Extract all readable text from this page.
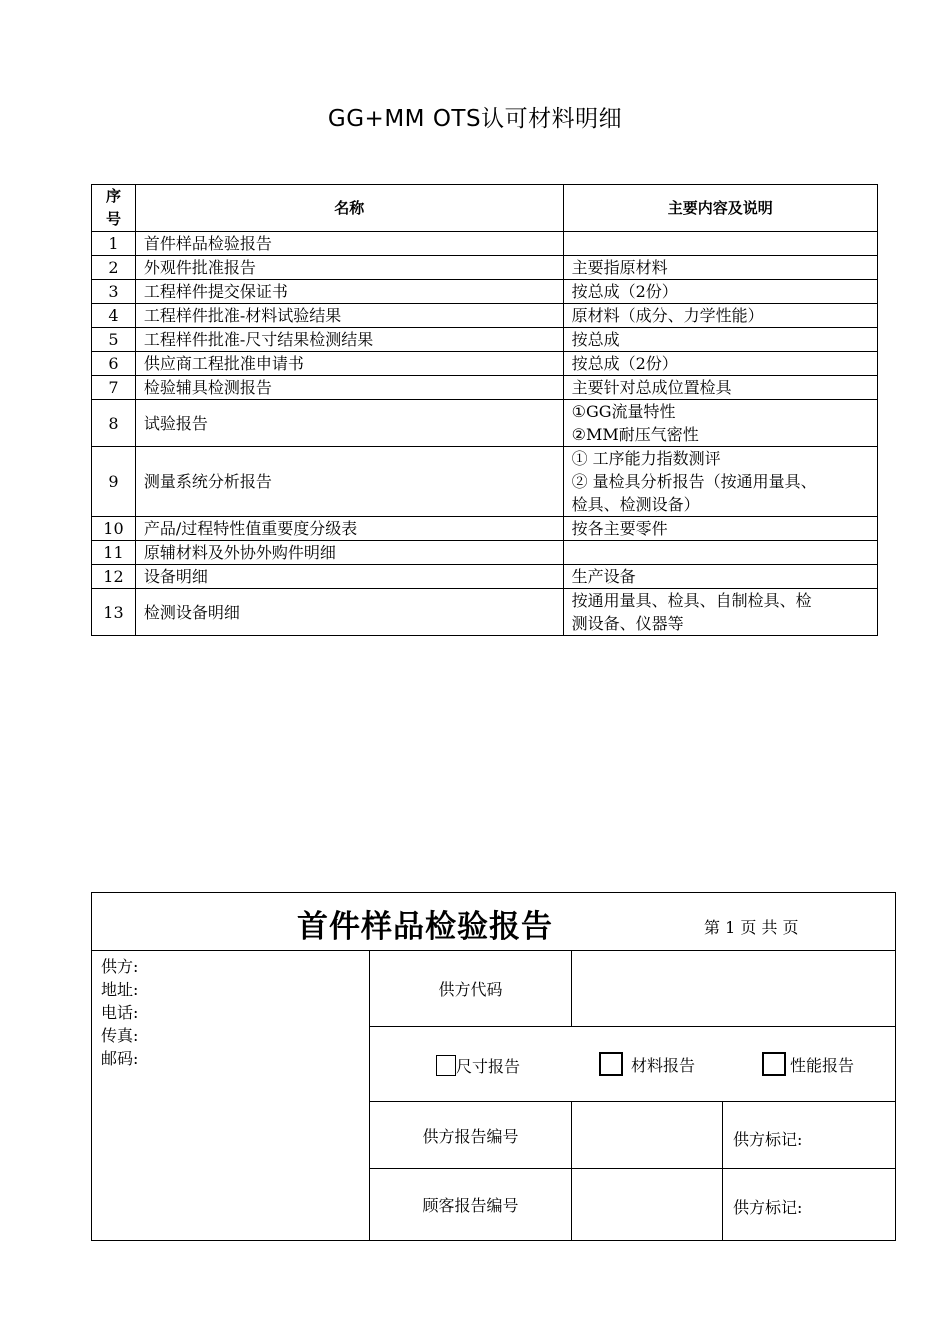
GG+MM OTS认可材料明细
序号	名称	主要内容及说明
1	首件样品检验报告	

2	外观件批准报告	主要指原材料

3	工程样件提交保证书	按总成（2份）

4	工程样件批准-材料试验结果	原材料（成分、力学性能）

5	工程样件批准-尺寸结果检测结果	按总成

6	供应商工程批准申请书	按总成（2份）

7	检验辅具检测报告	主要针对总成位置检具

8	试验报告	①GG流量特性
②MM耐压气密性

9	测量系统分析报告	① 工序能力指数测评
② 量检具分析报告（按通用量具、
检具、检测设备）

10	产品/过程特性值重要度分级表	按各主要零件

11	原辅材料及外协外购件明细	

12	设备明细	生产设备

13	检测设备明细	按通用量具、检具、自制检具、检
测设备、仪器等
首件样品检验报告	第 1 页 共 页
供方:
地址:
电话:
传真:
邮码:
供方代码
尺寸报告	材料报告	性能报告
供方报告编号	供方标记:
顾客报告编号	供方标记:
